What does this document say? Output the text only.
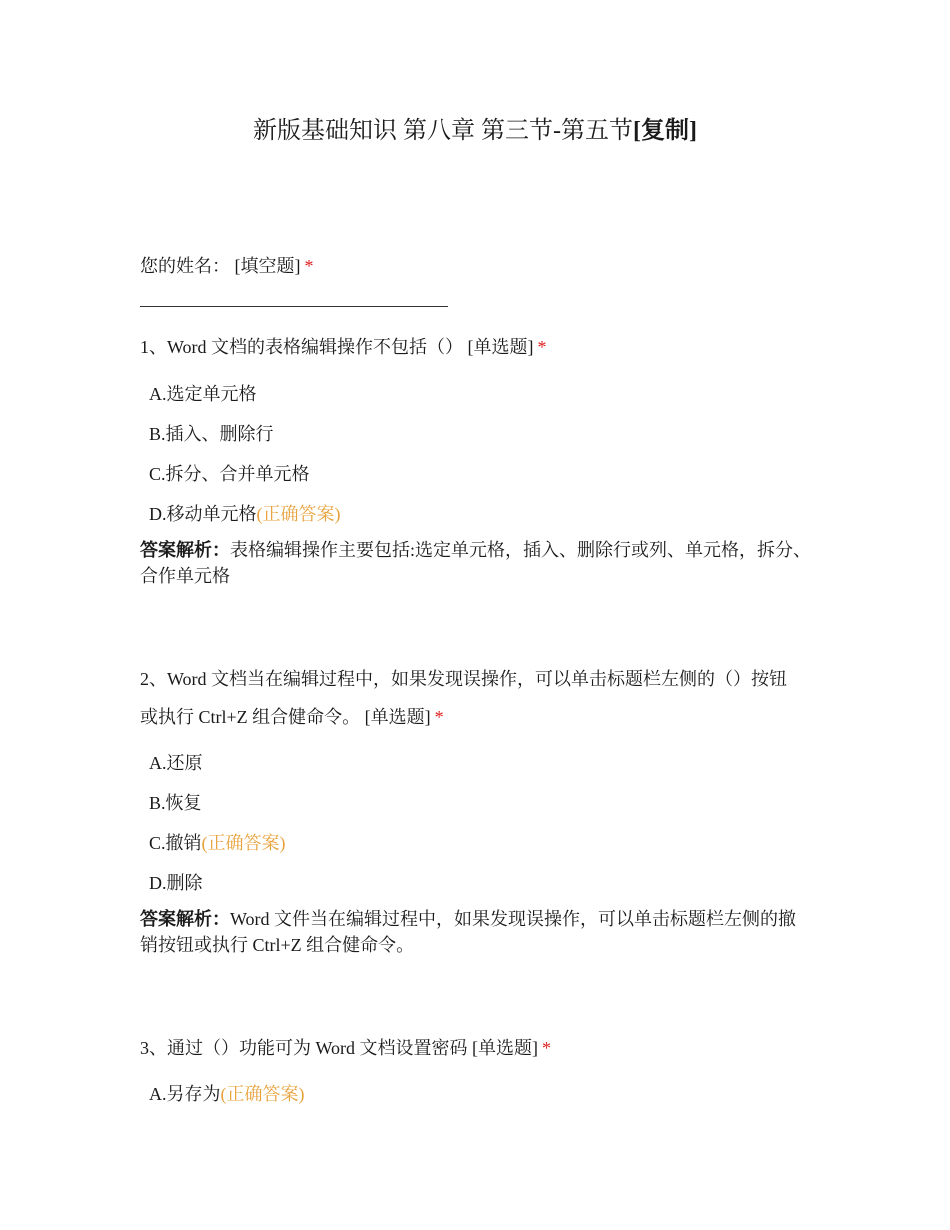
新版基础知识 第八章 第三节-第五节[复制]
您的姓名： [填空题] *
1、Word 文档的表格编辑操作不包括（） [单选题] *
A.选定单元格
B.插入、删除行
C.拆分、合并单元格
D.移动单元格(正确答案)
答案解析：表格编辑操作主要包括:选定单元格，插入、删除行或列、单元格，拆分、合作单元格
2、Word 文档当在编辑过程中，如果发现误操作，可以单击标题栏左侧的（）按钮
或执行 Ctrl+Z 组合健命令。 [单选题] *
A.还原
B.恢复
C.撤销(正确答案)
D.删除
答案解析：Word 文件当在编辑过程中，如果发现误操作，可以单击标题栏左侧的撤销按钮或执行 Ctrl+Z 组合健命令。
3、通过（）功能可为 Word 文档设置密码 [单选题] *
A.另存为(正确答案)
